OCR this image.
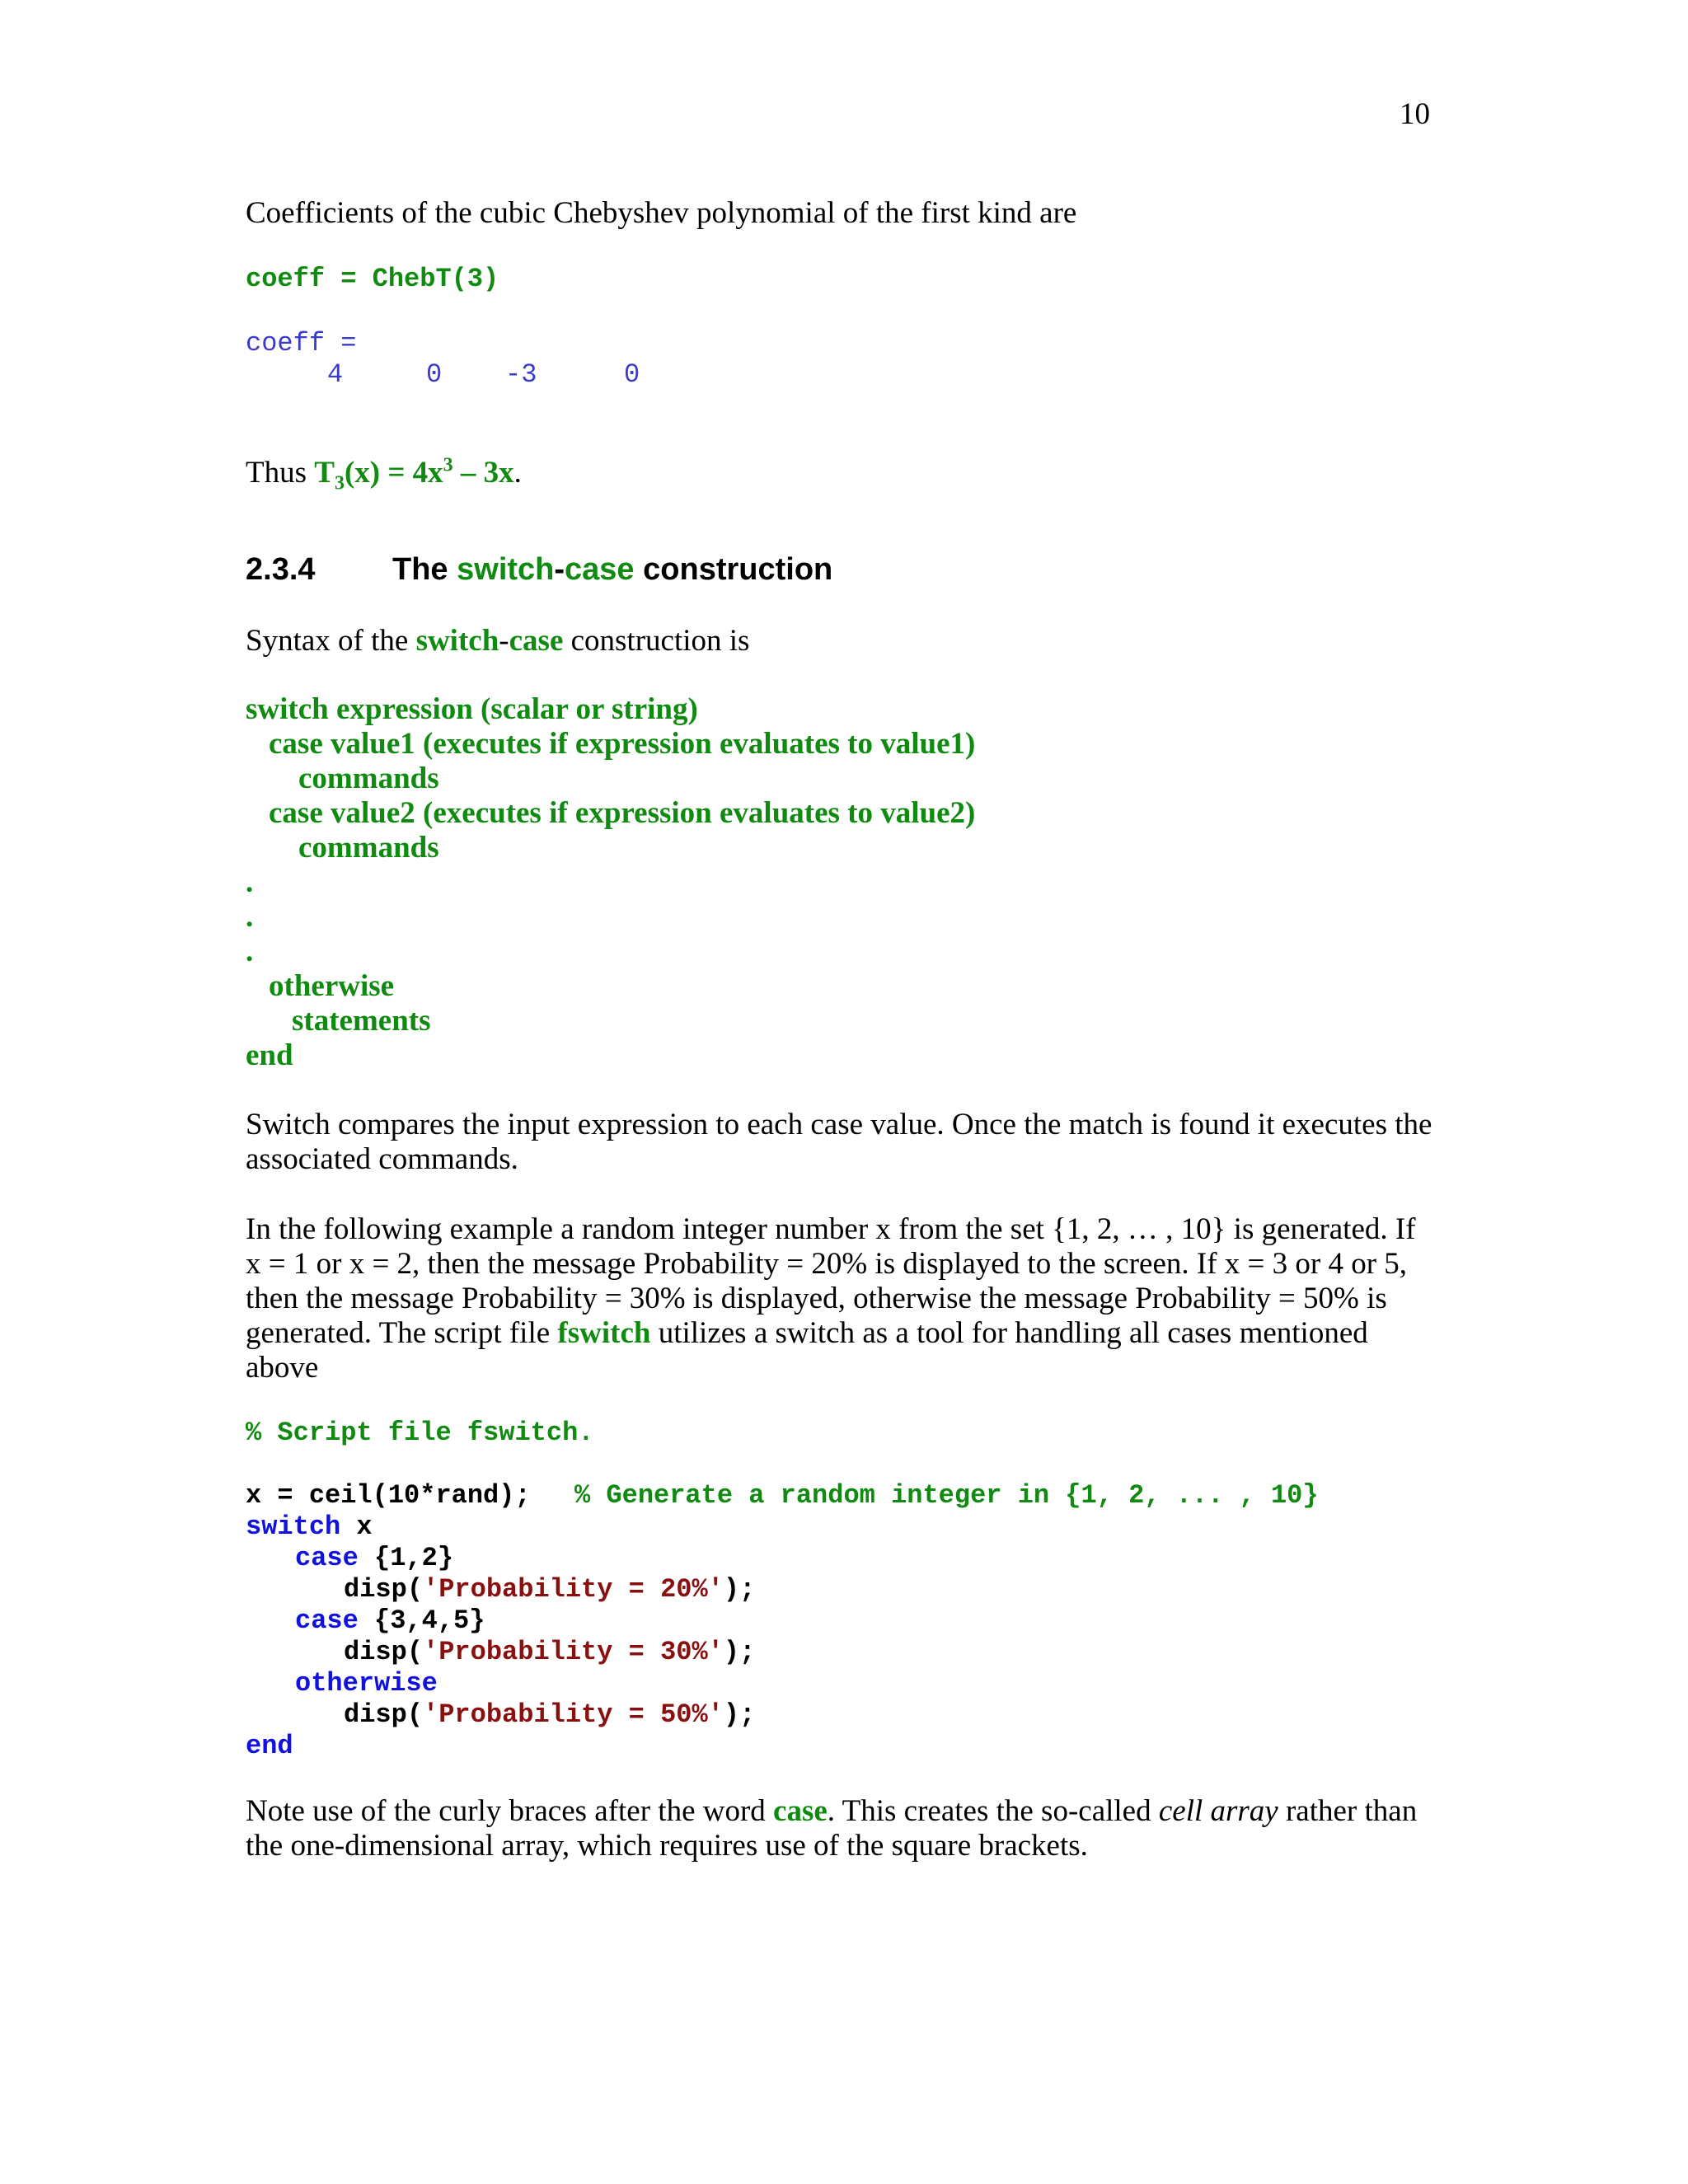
10
Coefficients of the cubic Chebyshev polynomial of the first kind are
coeff = ChebT(3)
coeff =
4	0 -3	0
Thus $T_3(x) = 4x^3 - 3x$.
2.3.4 The switch-case construction
Syntax of the switch-case construction is
switch expression (scalar or string)
case value1 (executes if expression evaluates to value1)
commands
case value2 (executes if expression evaluates to value2)
commands
.
.
.
otherwise
statements
end
Switch compares the input expression to each case value. Once the match is found it executes the
associated commands.
In the following example a random integer number x from the set {1, 2, … , 10} is generated. If
x = 1 or x = 2, then the message Probability = 20% is displayed to the screen. If x = 3 or 4 or 5,
then the message Probability = 30% is displayed, otherwise the message Probability = 50% is
generated. The script file fswitch utilizes a switch as a tool for handling all cases mentioned
above
% Script file fswitch.
x = ceil(10*rand); % Generate a random integer in {1, 2, ... , 10}
switch x
case {1,2}
disp('Probability = 20%');
case {3,4,5}
disp('Probability = 30%');
otherwise
disp('Probability = 50%');
end
Note use of the curly braces after the word case. This creates the so-called cell array rather than
the one-dimensional array, which requires use of the square brackets.
